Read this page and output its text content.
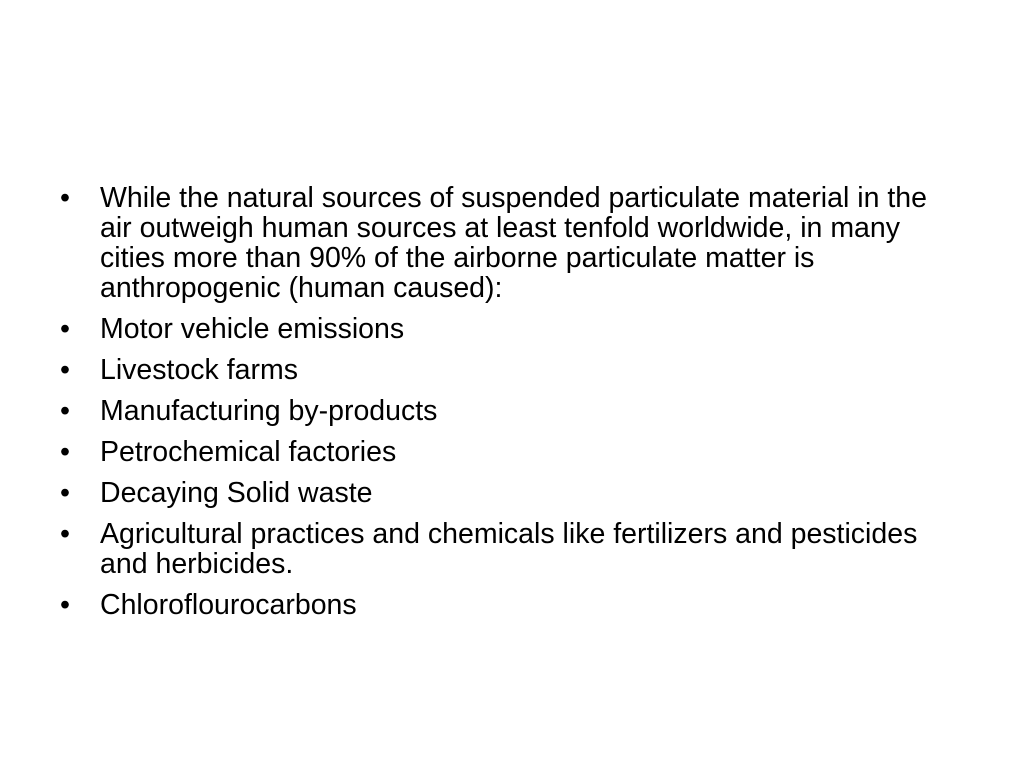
• While the natural sources of suspended particulate material in the air outweigh human sources at least tenfold worldwide, in many cities more than 90% of the airborne particulate matter is anthropogenic (human caused):
• Motor vehicle emissions
• Livestock farms
• Manufacturing by-products
• Petrochemical factories
• Decaying Solid waste
• Agricultural practices and chemicals like fertilizers and pesticides and herbicides.
• Chloroflourocarbons
